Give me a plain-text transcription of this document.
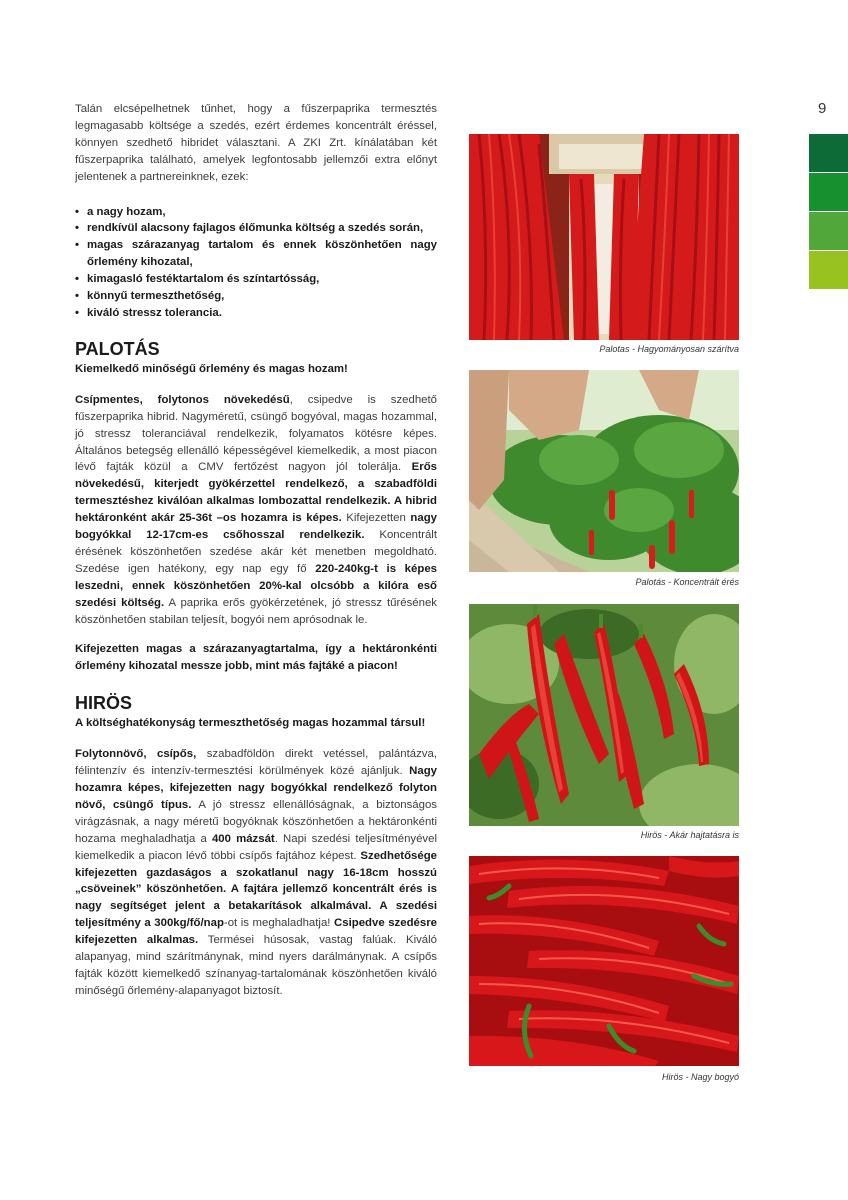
9

Talán elcsépelhetnek tűnhet, hogy a fűszerpaprika termesztés legmagasabb költsége a szedés, ezért érdemes koncentrált éréssel, könnyen szedhető hibridet választani. A ZKI Zrt. kínálatában két fűszerpaprika található, amelyek legfontosabb jellemzői extra előnyt jelentenek a partnereinknek, ezek:

• a nagy hozam,
• rendkívül alacsony fajlagos élőmunka költség a szedés során,
• magas szárazanyag tartalom és ennek köszönhetően nagy őrlemény kihozatal,
• kimagasló festéktartalom és színtartósság,
• könnyű termeszthetőség,
• kiváló stressz tolerancia.
PALOTÁS

Kiemelkedő minőségű őrlemény és magas hozam!

Csípmentes, folytonos növekedésű, csipedve is szedhető fűszerpaprika hibrid. Nagyméretű, csüngő bogyóval, magas hozammal, jó stressz toleranciával rendelkezik, folyamatos kötésre képes. Általános betegség ellenálló képességével kiemelkedik, a most piacon lévő fajták közül a CMV fertőzést nagyon jól tolerálja. Erős növekedésű, kiterjedt gyökérzettel rendelkező, a szabadföldi termesztéshez kiválóan alkalmas lombozattal rendelkezik. A hibrid hektáronként akár 25-36t –os hozamra is képes. Kifejezetten nagy bogyókkal 12-17cm-es csőhosszal rendelkezik. Koncentrált érésének köszönhetően szedése akár két menetben megoldható. Szedése igen hatékony, egy nap egy fő 220-240kg-t is képes leszedni, ennek köszönhetően 20%-kal olcsóbb a kilóra eső szedési költség. A paprika erős gyökérzetének, jó stressz tűrésének köszönhetően stabilan teljesít, bogyói nem aprósodnak le.

Kifejezetten magas a szárazanyagtartalma, így a hektáronkénti őrlemény kihozatal messze jobb, mint más fajtáké a piacon!

HIRÖS

A költséghatékonyság termeszthetőség magas hozammal társul!

Folytonnövő, csípős, szabadföldön direkt vetéssel, palántázva, félintenzív és intenzív-termesztési körülmények közé ajánljuk. Nagy hozamra képes, kifejezetten nagy bogyókkal rendelkező folyton növő, csüngő típus. A jó stressz ellenállóságnak, a biztonságos virágzásnak, a nagy méretű bogyóknak köszönhetően a hektáronkénti hozama meghaladhatja a 400 mázsát. Napi szedési teljesítményével kiemelkedik a piacon lévő többi csípős fajtához képest. Szedhetősége kifejezetten gazdaságos a szokatlanul nagy 16-18cm hosszú „csöveinek” köszönhetően. A fajtára jellemző koncentrált érés is nagy segítséget jelent a betakarítások alkalmával. A szedési teljesítmény a 300kg/fő/nap-ot is meghaladhatja! Csipedve szedésre kifejezetten alkalmas. Termései húsosak, vastag falúak. Kiváló alapanyag, mind szárítmánynak, mind nyers darálmánynak. A csípős fajták között kiemelkedő színanyag-tartalomának köszönhetően kiváló minőségű őrlemény-alapanyagot biztosít.

Palotas - Hagyományosan szárítva
Palotás - Koncentrált érés
Hirös - Akár hajtatásra is
Hirös - Nagy bogyó
